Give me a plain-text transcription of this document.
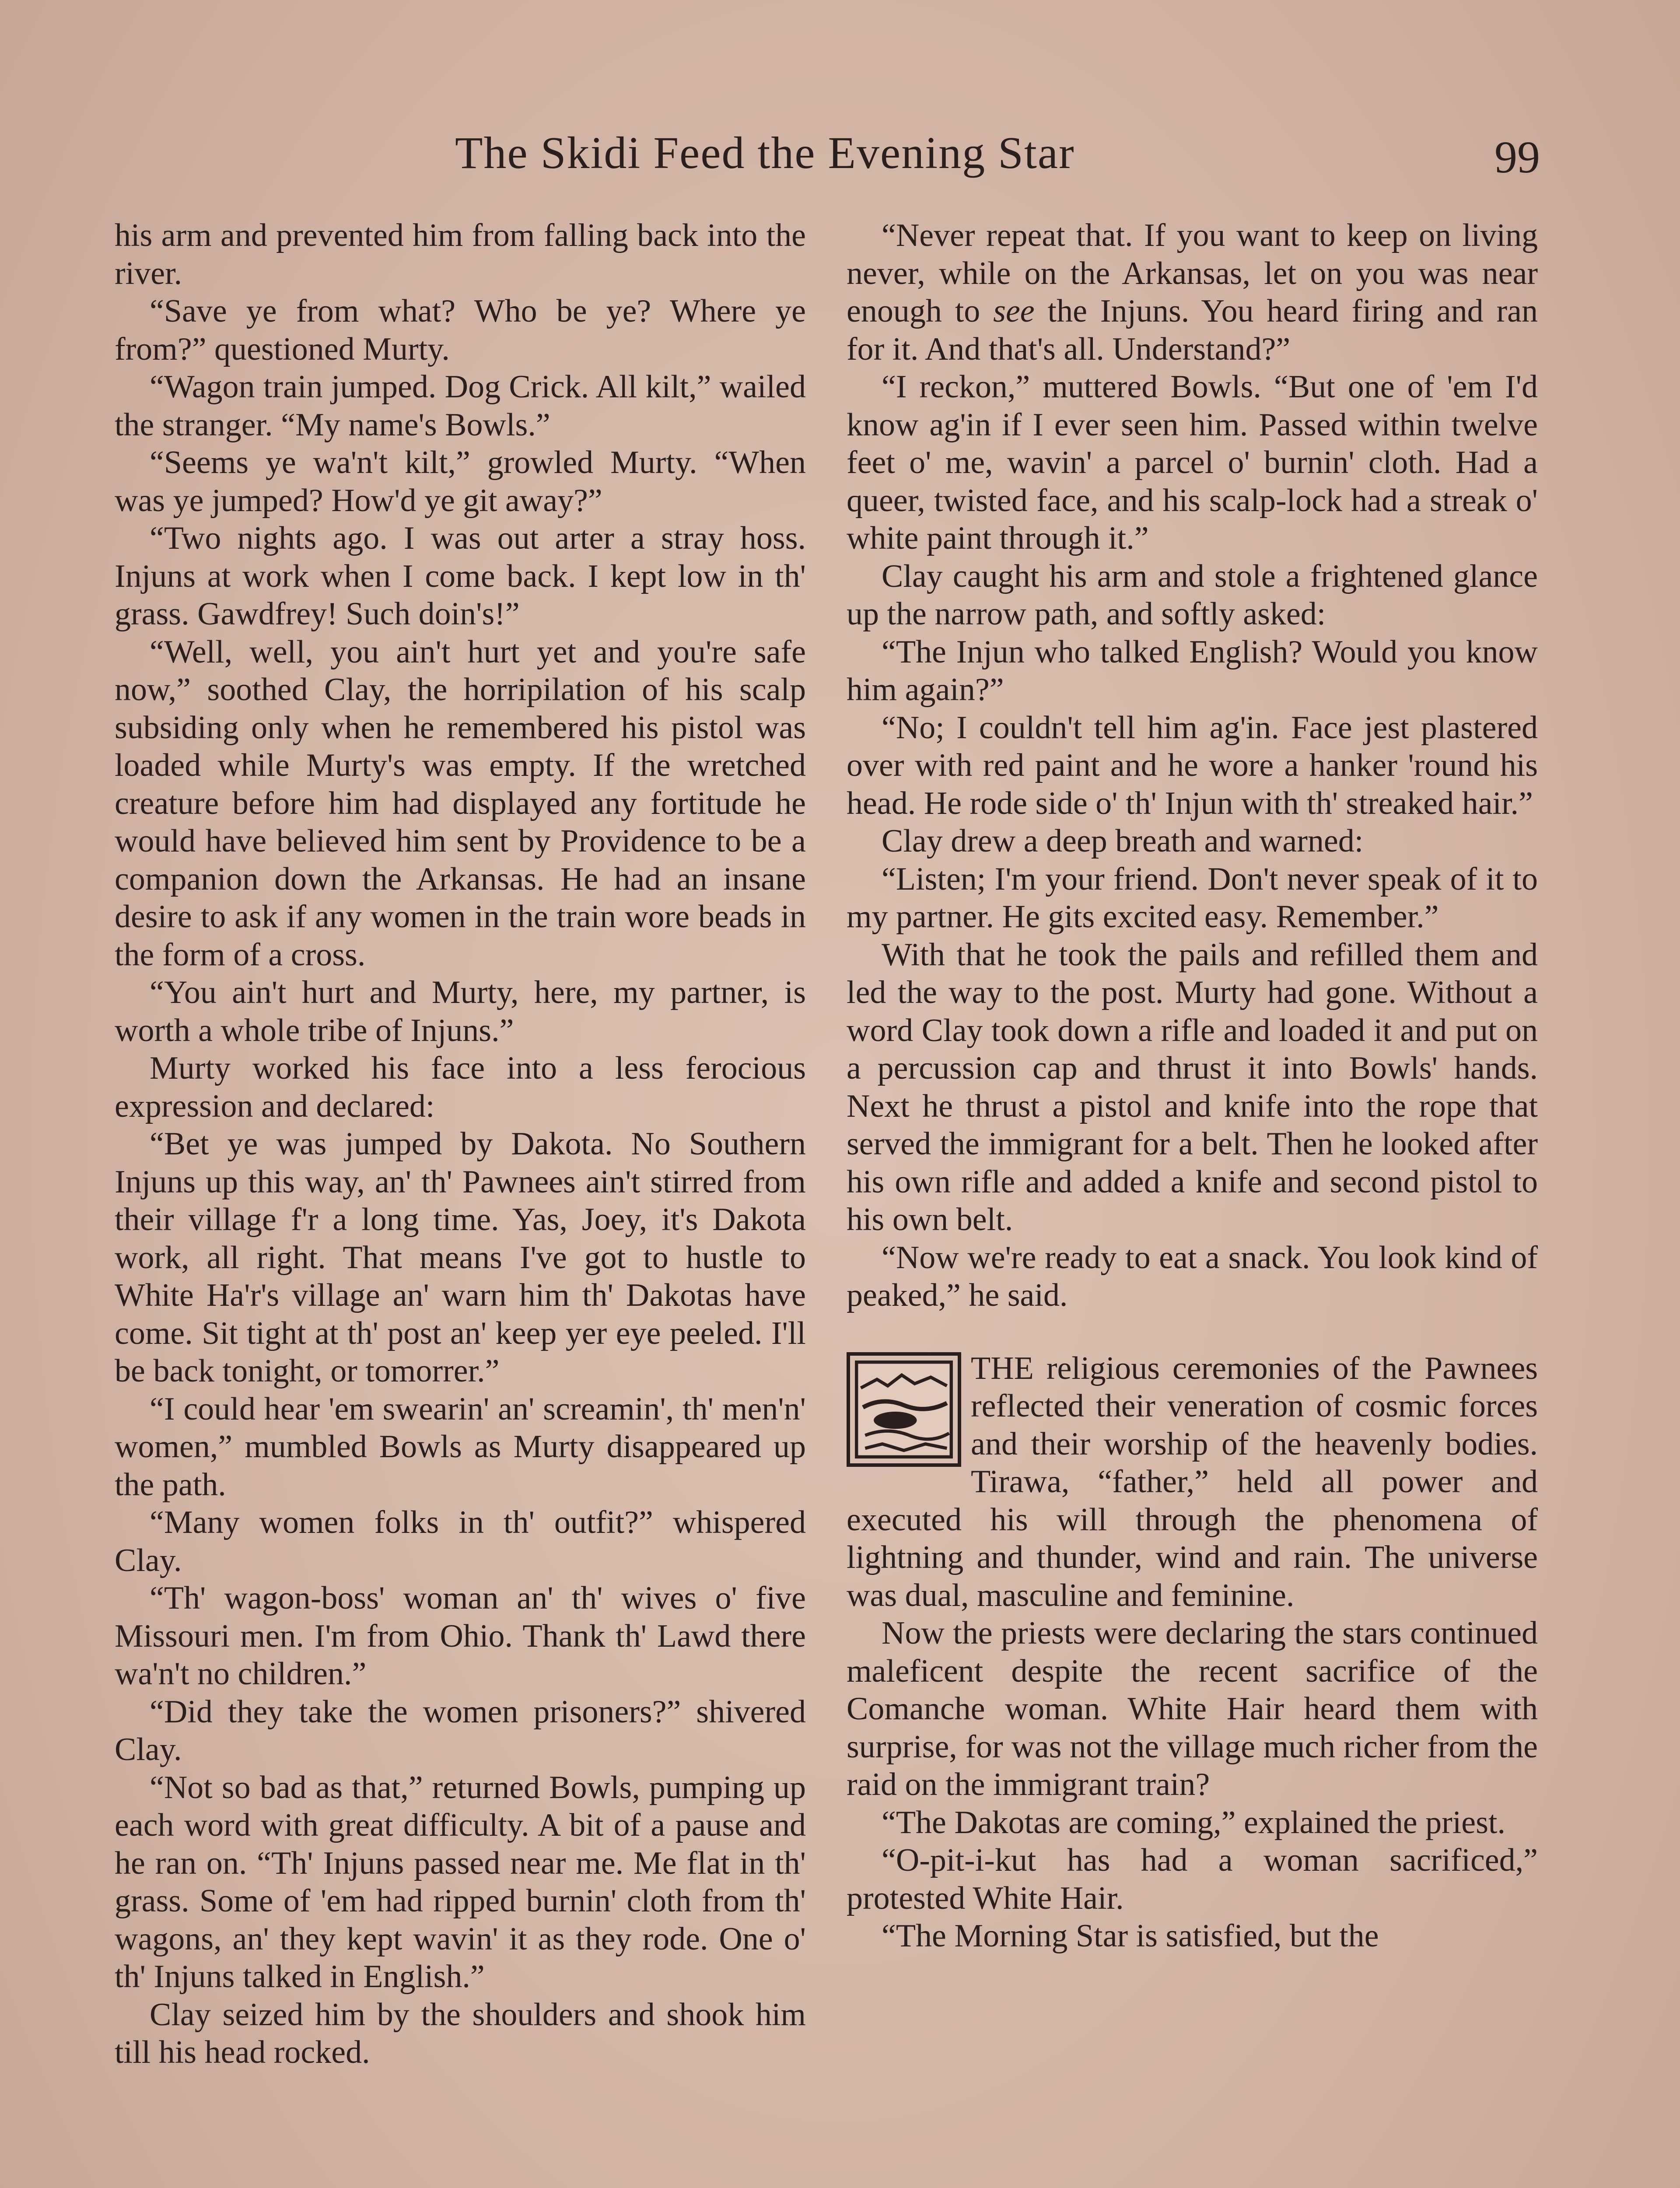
The Skidi Feed the Evening Star	99

his arm and prevented him from falling back into the river.

“Save ye from what? Who be ye? Where ye from?” questioned Murty.

“Wagon train jumped. Dog Crick. All kilt,” wailed the stranger. “My name's Bowls.”

“Seems ye wa'n't kilt,” growled Murty. “When was ye jumped? How'd ye git away?”

“Two nights ago. I was out arter a stray hoss. Injuns at work when I come back. I kept low in th' grass. Gawdfrey! Such doin's!”

“Well, well, you ain't hurt yet and you're safe now,” soothed Clay, the horripilation of his scalp subsiding only when he remembered his pistol was loaded while Murty's was empty. If the wretched creature before him had displayed any fortitude he would have believed him sent by Providence to be a companion down the Arkansas. He had an insane desire to ask if any women in the train wore beads in the form of a cross.

“You ain't hurt and Murty, here, my partner, is worth a whole tribe of Injuns.”

Murty worked his face into a less ferocious expression and declared:

“Bet ye was jumped by Dakota. No Southern Injuns up this way, an' th' Pawnees ain't stirred from their village f'r a long time. Yas, Joey, it's Dakota work, all right. That means I've got to hustle to White Ha'r's village an' warn him th' Dakotas have come. Sit tight at th' post an' keep yer eye peeled. I'll be back tonight, or tomorrer.”

“I could hear 'em swearin' an' screamin', th' men'n' women,” mumbled Bowls as Murty disappeared up the path.

“Many women folks in th' outfit?” whispered Clay.

“Th' wagon-boss' woman an' th' wives o' five Missouri men. I'm from Ohio. Thank th' Lawd there wa'n't no children.”

“Did they take the women prisoners?” shivered Clay.

“Not so bad as that,” returned Bowls, pumping up each word with great difficulty. A bit of a pause and he ran on. “Th' Injuns passed near me. Me flat in th' grass. Some of 'em had ripped burnin' cloth from th' wagons, an' they kept wavin' it as they rode. One o' th' Injuns talked in English.”

Clay seized him by the shoulders and shook him till his head rocked.

“Never repeat that. If you want to keep on living never, while on the Arkansas, let on you was near enough to see the Injuns. You heard firing and ran for it. And that's all. Understand?”

“I reckon,” muttered Bowls. “But one of 'em I'd know ag'in if I ever seen him. Passed within twelve feet o' me, wavin' a parcel o' burnin' cloth. Had a queer, twisted face, and his scalp-lock had a streak o' white paint through it.”

Clay caught his arm and stole a frightened glance up the narrow path, and softly asked:

“The Injun who talked English? Would you know him again?”

“No; I couldn't tell him ag'in. Face jest plastered over with red paint and he wore a hanker 'round his head. He rode side o' th' Injun with th' streaked hair.”

Clay drew a deep breath and warned:

“Listen; I'm your friend. Don't never speak of it to my partner. He gits excited easy. Remember.”

With that he took the pails and refilled them and led the way to the post. Murty had gone. Without a word Clay took down a rifle and loaded it and put on a percussion cap and thrust it into Bowls' hands. Next he thrust a pistol and knife into the rope that served the immigrant for a belt. Then he looked after his own rifle and added a knife and second pistol to his own belt.

“Now we're ready to eat a snack. You look kind of peaked,” he said.

THE religious ceremonies of the Pawnees reflected their veneration of cosmic forces and their worship of the heavenly bodies. Tirawa, “father,” held all power and executed his will through the phenomena of lightning and thunder, wind and rain. The universe was dual, masculine and feminine.

Now the priests were declaring the stars continued maleficent despite the recent sacrifice of the Comanche woman. White Hair heard them with surprise, for was not the village much richer from the raid on the immigrant train?

“The Dakotas are coming,” explained the priest.

“O-pit-i-kut has had a woman sacrificed,” protested White Hair.

“The Morning Star is satisfied, but the
